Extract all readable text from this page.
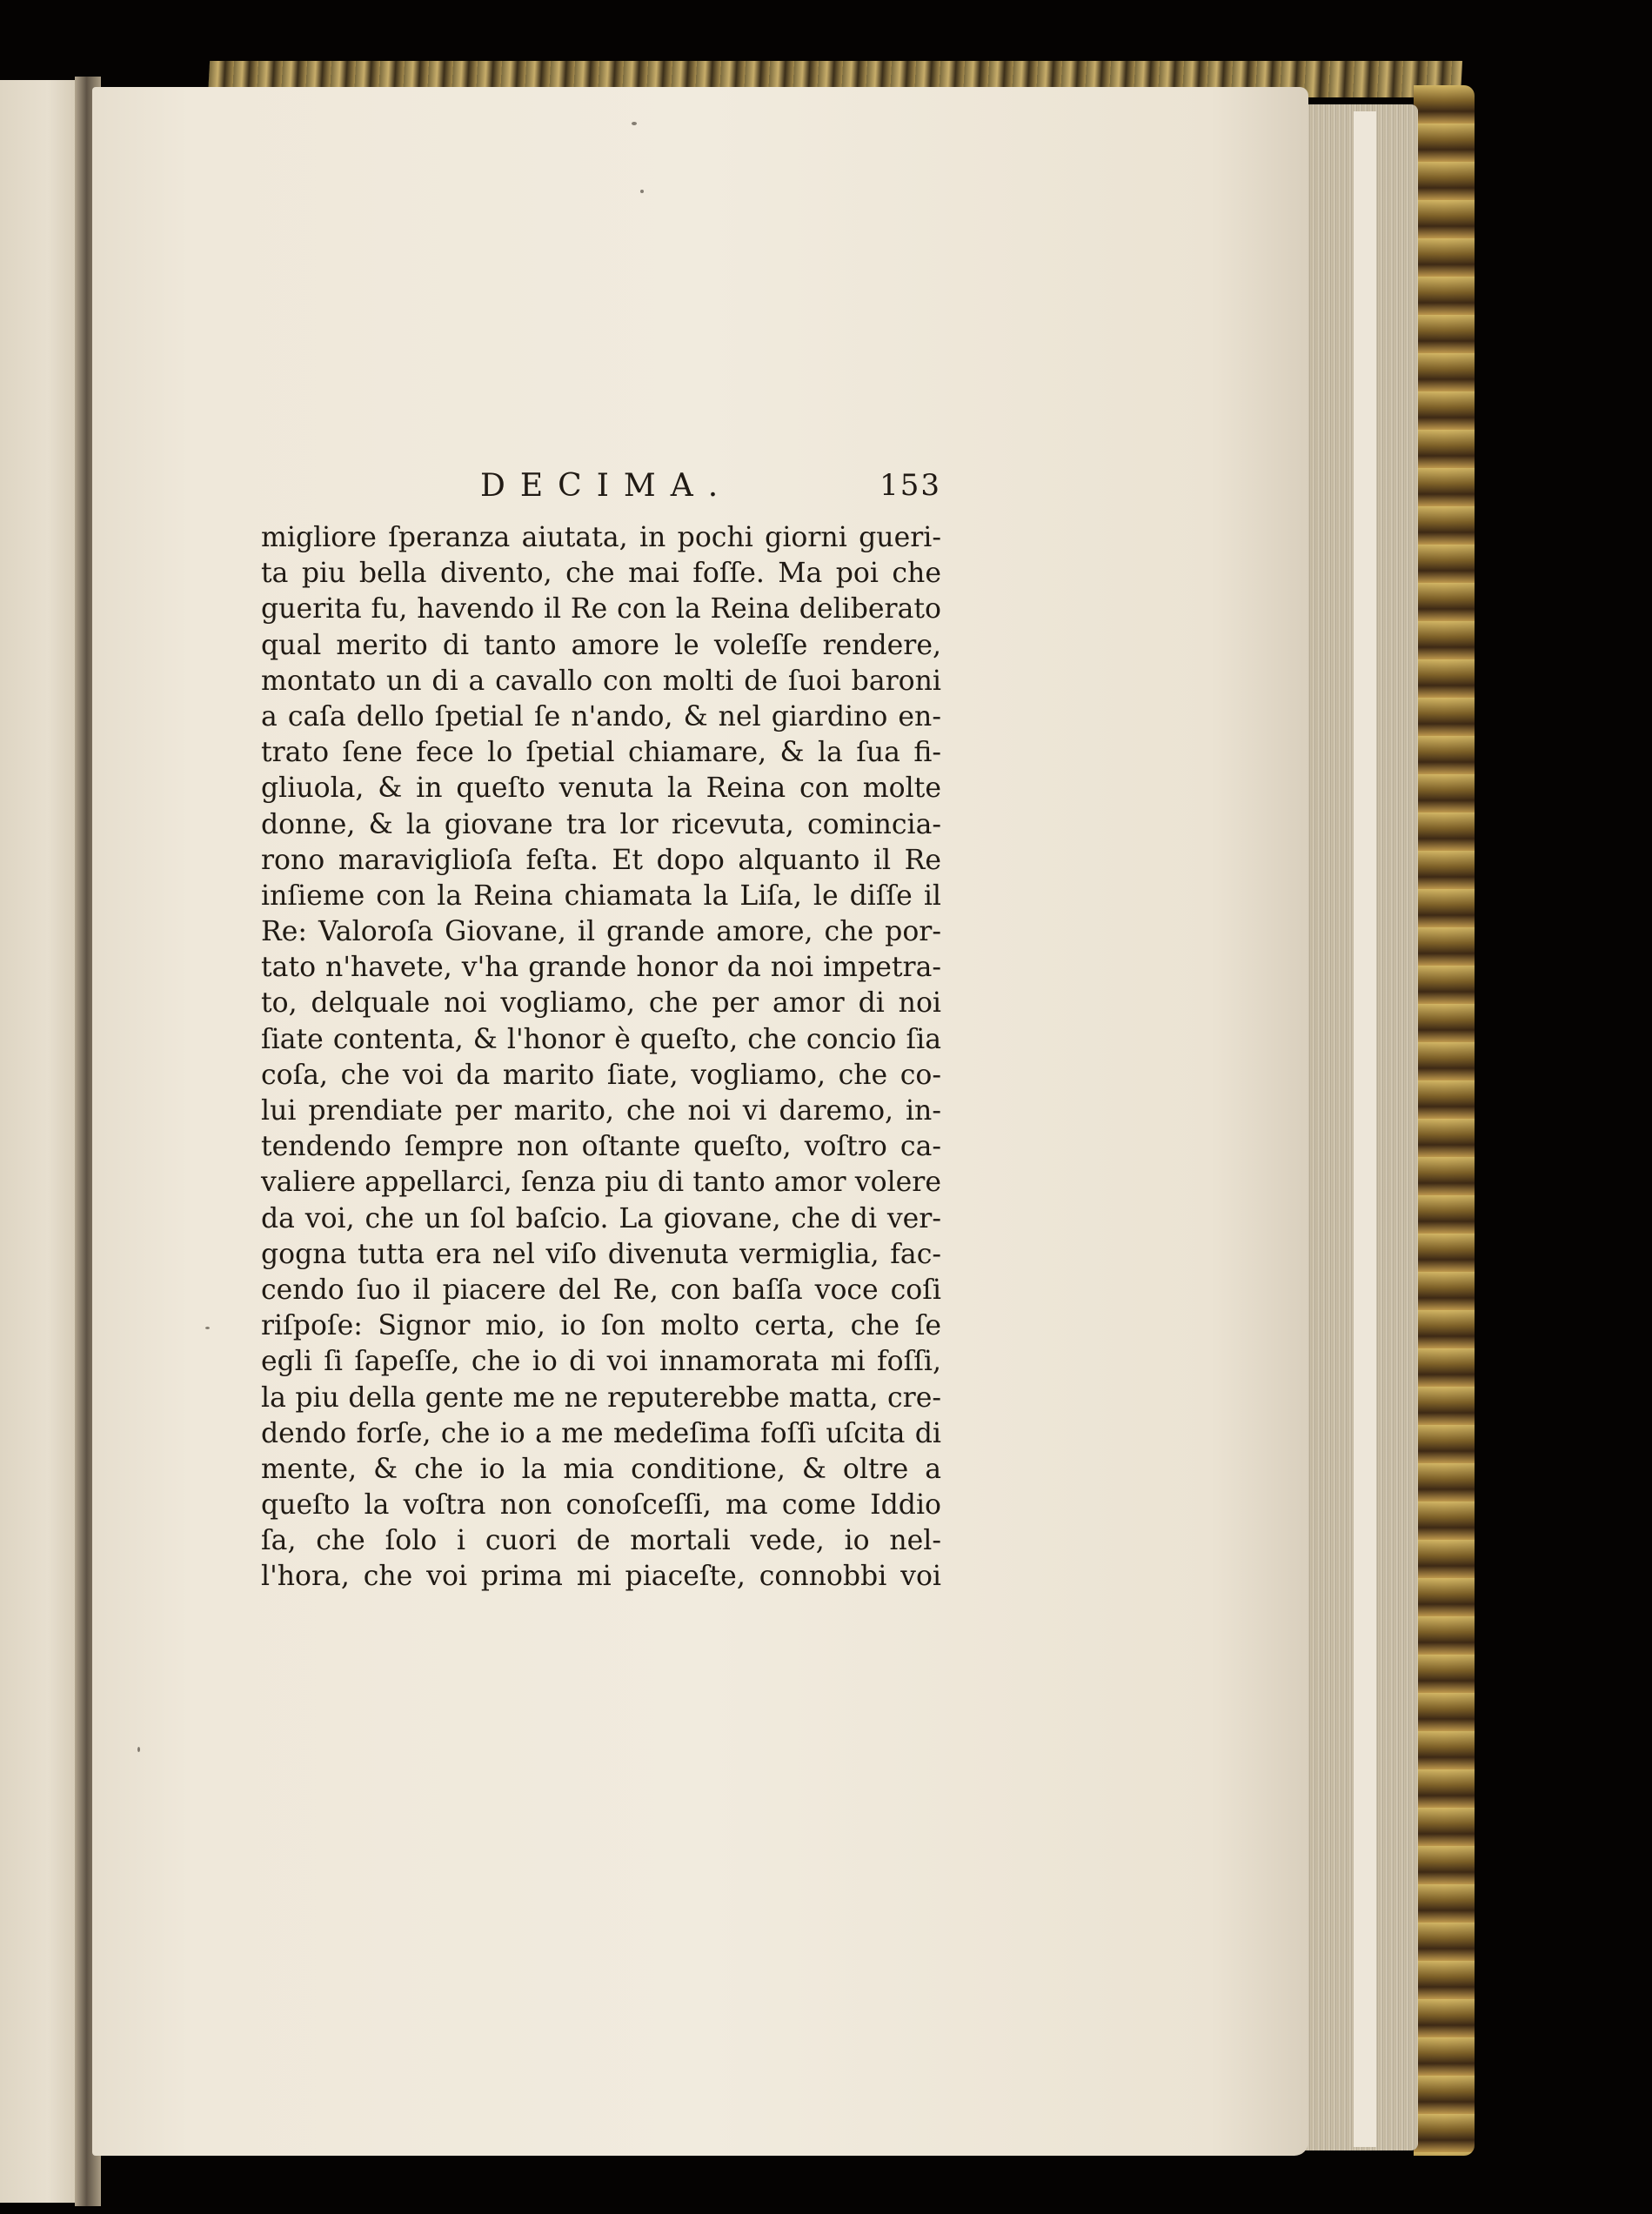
DECIMA.	153
migliore ſperanza aiutata, in pochi giorni gueri-
ta piu bella divento, che mai foſſe. Ma poi che
guerita fu, havendo il Re con la Reina deliberato
qual merito di tanto amore le voleſſe rendere,
montato un di a cavallo con molti de ſuoi baroni
a caſa dello ſpetial ſe n'ando, & nel giardino en-
trato ſene fece lo ſpetial chiamare, & la ſua fi-
gliuola, & in queſto venuta la Reina con molte
donne, & la giovane tra lor ricevuta, comincia-
rono maraviglioſa feſta. Et dopo alquanto il Re
inſieme con la Reina chiamata la Liſa, le diſſe il
Re: Valoroſa Giovane, il grande amore, che por-
tato n'havete, v'ha grande honor da noi impetra-
to, delquale noi vogliamo, che per amor di noi
ſiate contenta, & l'honor è queſto, che concio ſia
coſa, che voi da marito ſiate, vogliamo, che co-
lui prendiate per marito, che noi vi daremo, in-
tendendo ſempre non oſtante queſto, voſtro ca-
valiere appellarci, ſenza piu di tanto amor volere
da voi, che un ſol baſcio. La giovane, che di ver-
gogna tutta era nel viſo divenuta vermiglia, fac-
cendo ſuo il piacere del Re, con baſſa voce coſi
riſpoſe: Signor mio, io ſon molto certa, che ſe
egli ſi ſapeſſe, che io di voi innamorata mi foſſi,
la piu della gente me ne reputerebbe matta, cre-
dendo forſe, che io a me medeſima foſſi uſcita di
mente, & che io la mia conditione, & oltre a
queſto la voſtra non conoſceſſi, ma come Iddio
ſa, che ſolo i cuori de mortali vede, io nel-
l'hora, che voi prima mi piaceſte, connobbi voi
